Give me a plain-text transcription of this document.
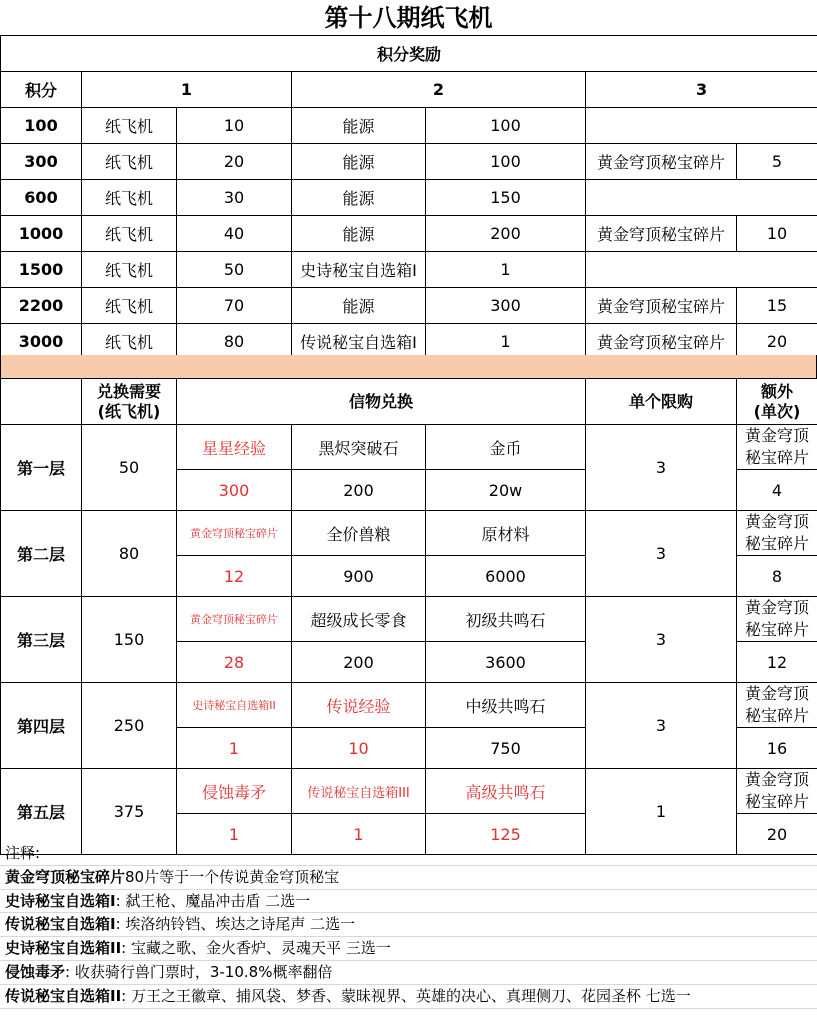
第十八期纸飞机
积分奖励						
积分	1		2		3	
100	纸飞机	10	能源	100		
300	纸飞机	20	能源	100	黄金穹顶秘宝碎片	5
600	纸飞机	30	能源	150		
1000	纸飞机	40	能源	200	黄金穹顶秘宝碎片	10
1500	纸飞机	50	史诗秘宝自选箱I	1		
2200	纸飞机	70	能源	300	黄金穹顶秘宝碎片	15
3000	纸飞机	80	传说秘宝自选箱I	1	黄金穹顶秘宝碎片	20
	兑换需要
(纸飞机)	信物兑换			单个限购	额外
(单次)
第一层	50	星星经验	黑烬突破石	金币	3	黄金穹顶
秘宝碎片
		300	200	20w		4
第二层	80	黄金穹顶秘宝碎片	全价兽粮	原材料	3	黄金穹顶
秘宝碎片
		12	900	6000		8
第三层	150	黄金穹顶秘宝碎片	超级成长零食	初级共鸣石	3	黄金穹顶
秘宝碎片
		28	200	3600		12
第四层	250	史诗秘宝自选箱II	传说经验	中级共鸣石	3	黄金穹顶
秘宝碎片
		1	10	750		16
第五层	375	侵蚀毒矛	传说秘宝自选箱III	高级共鸣石	1	黄金穹顶
秘宝碎片
		1	1	125		20
注释:
黄金穹顶秘宝碎片80片等于一个传说黄金穹顶秘宝
史诗秘宝自选箱I: 弑王枪、魔晶冲击盾 二选一
传说秘宝自选箱I: 埃洛纳铃铛、埃达之诗尾声 二选一
史诗秘宝自选箱II: 宝藏之歌、金火香炉、灵魂天平 三选一
侵蚀毒矛: 收获骑行兽门票时，3-10.8%概率翻倍
传说秘宝自选箱II: 万王之王徽章、捕风袋、梦香、蒙昧视界、英雄的决心、真理侧刀、花园圣杯 七选一
